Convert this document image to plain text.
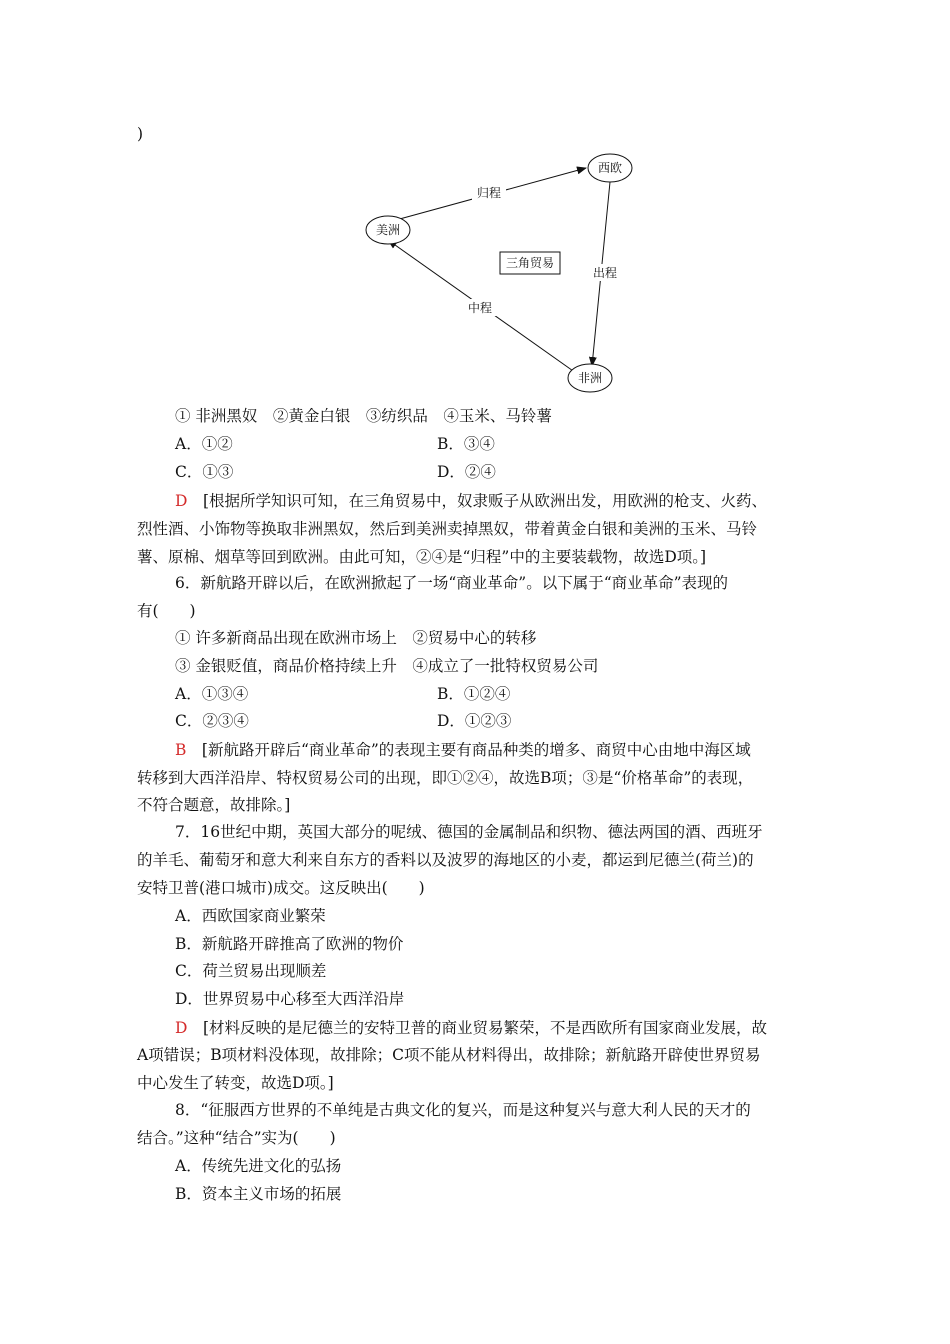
)
归程
出程
中程
西欧
美洲
非洲
三角贸易
① 非洲黑奴　②黄金白银　③纺织品　④玉米、马铃薯
A．①②	B．③④
C．①③	D．②④
D　 [根据所学知识可知，在三角贸易中，奴隶贩子从欧洲出发，用欧洲的枪支、火药、
烈性酒、小饰物等换取非洲黑奴，然后到美洲卖掉黑奴，带着黄金白银和美洲的玉米、马铃
薯、原棉、烟草等回到欧洲。由此可知，②④是“归程”中的主要装载物，故选D项。]
6．新航路开辟以后，在欧洲掀起了一场“商业革命”。以下属于“商业革命”表现的
有(　　)
① 许多新商品出现在欧洲市场上　②贸易中心的转移
③ 金银贬值，商品价格持续上升　④成立了一批特权贸易公司
A．①③④	B．①②④
C．②③④	D．①②③
B　 [新航路开辟后“商业革命”的表现主要有商品种类的增多、商贸中心由地中海区域
转移到大西洋沿岸、特权贸易公司的出现，即①②④，故选B项；③是“价格革命”的表现，
不符合题意，故排除。]
7．16世纪中期，英国大部分的呢绒、德国的金属制品和织物、德法两国的酒、西班牙
的羊毛、葡萄牙和意大利来自东方的香料以及波罗的海地区的小麦，都运到尼德兰(荷兰)的
安特卫普(港口城市)成交。这反映出(　　)
A．西欧国家商业繁荣
B．新航路开辟推高了欧洲的物价
C．荷兰贸易出现顺差
D．世界贸易中心移至大西洋沿岸
D　 [材料反映的是尼德兰的安特卫普的商业贸易繁荣，不是西欧所有国家商业发展，故
A项错误；B项材料没体现，故排除；C项不能从材料得出，故排除；新航路开辟使世界贸易
中心发生了转变，故选D项。]
8．“征服西方世界的不单纯是古典文化的复兴，而是这种复兴与意大利人民的天才的
结合。”这种“结合”实为(　　)
A．传统先进文化的弘扬
B．资本主义市场的拓展
